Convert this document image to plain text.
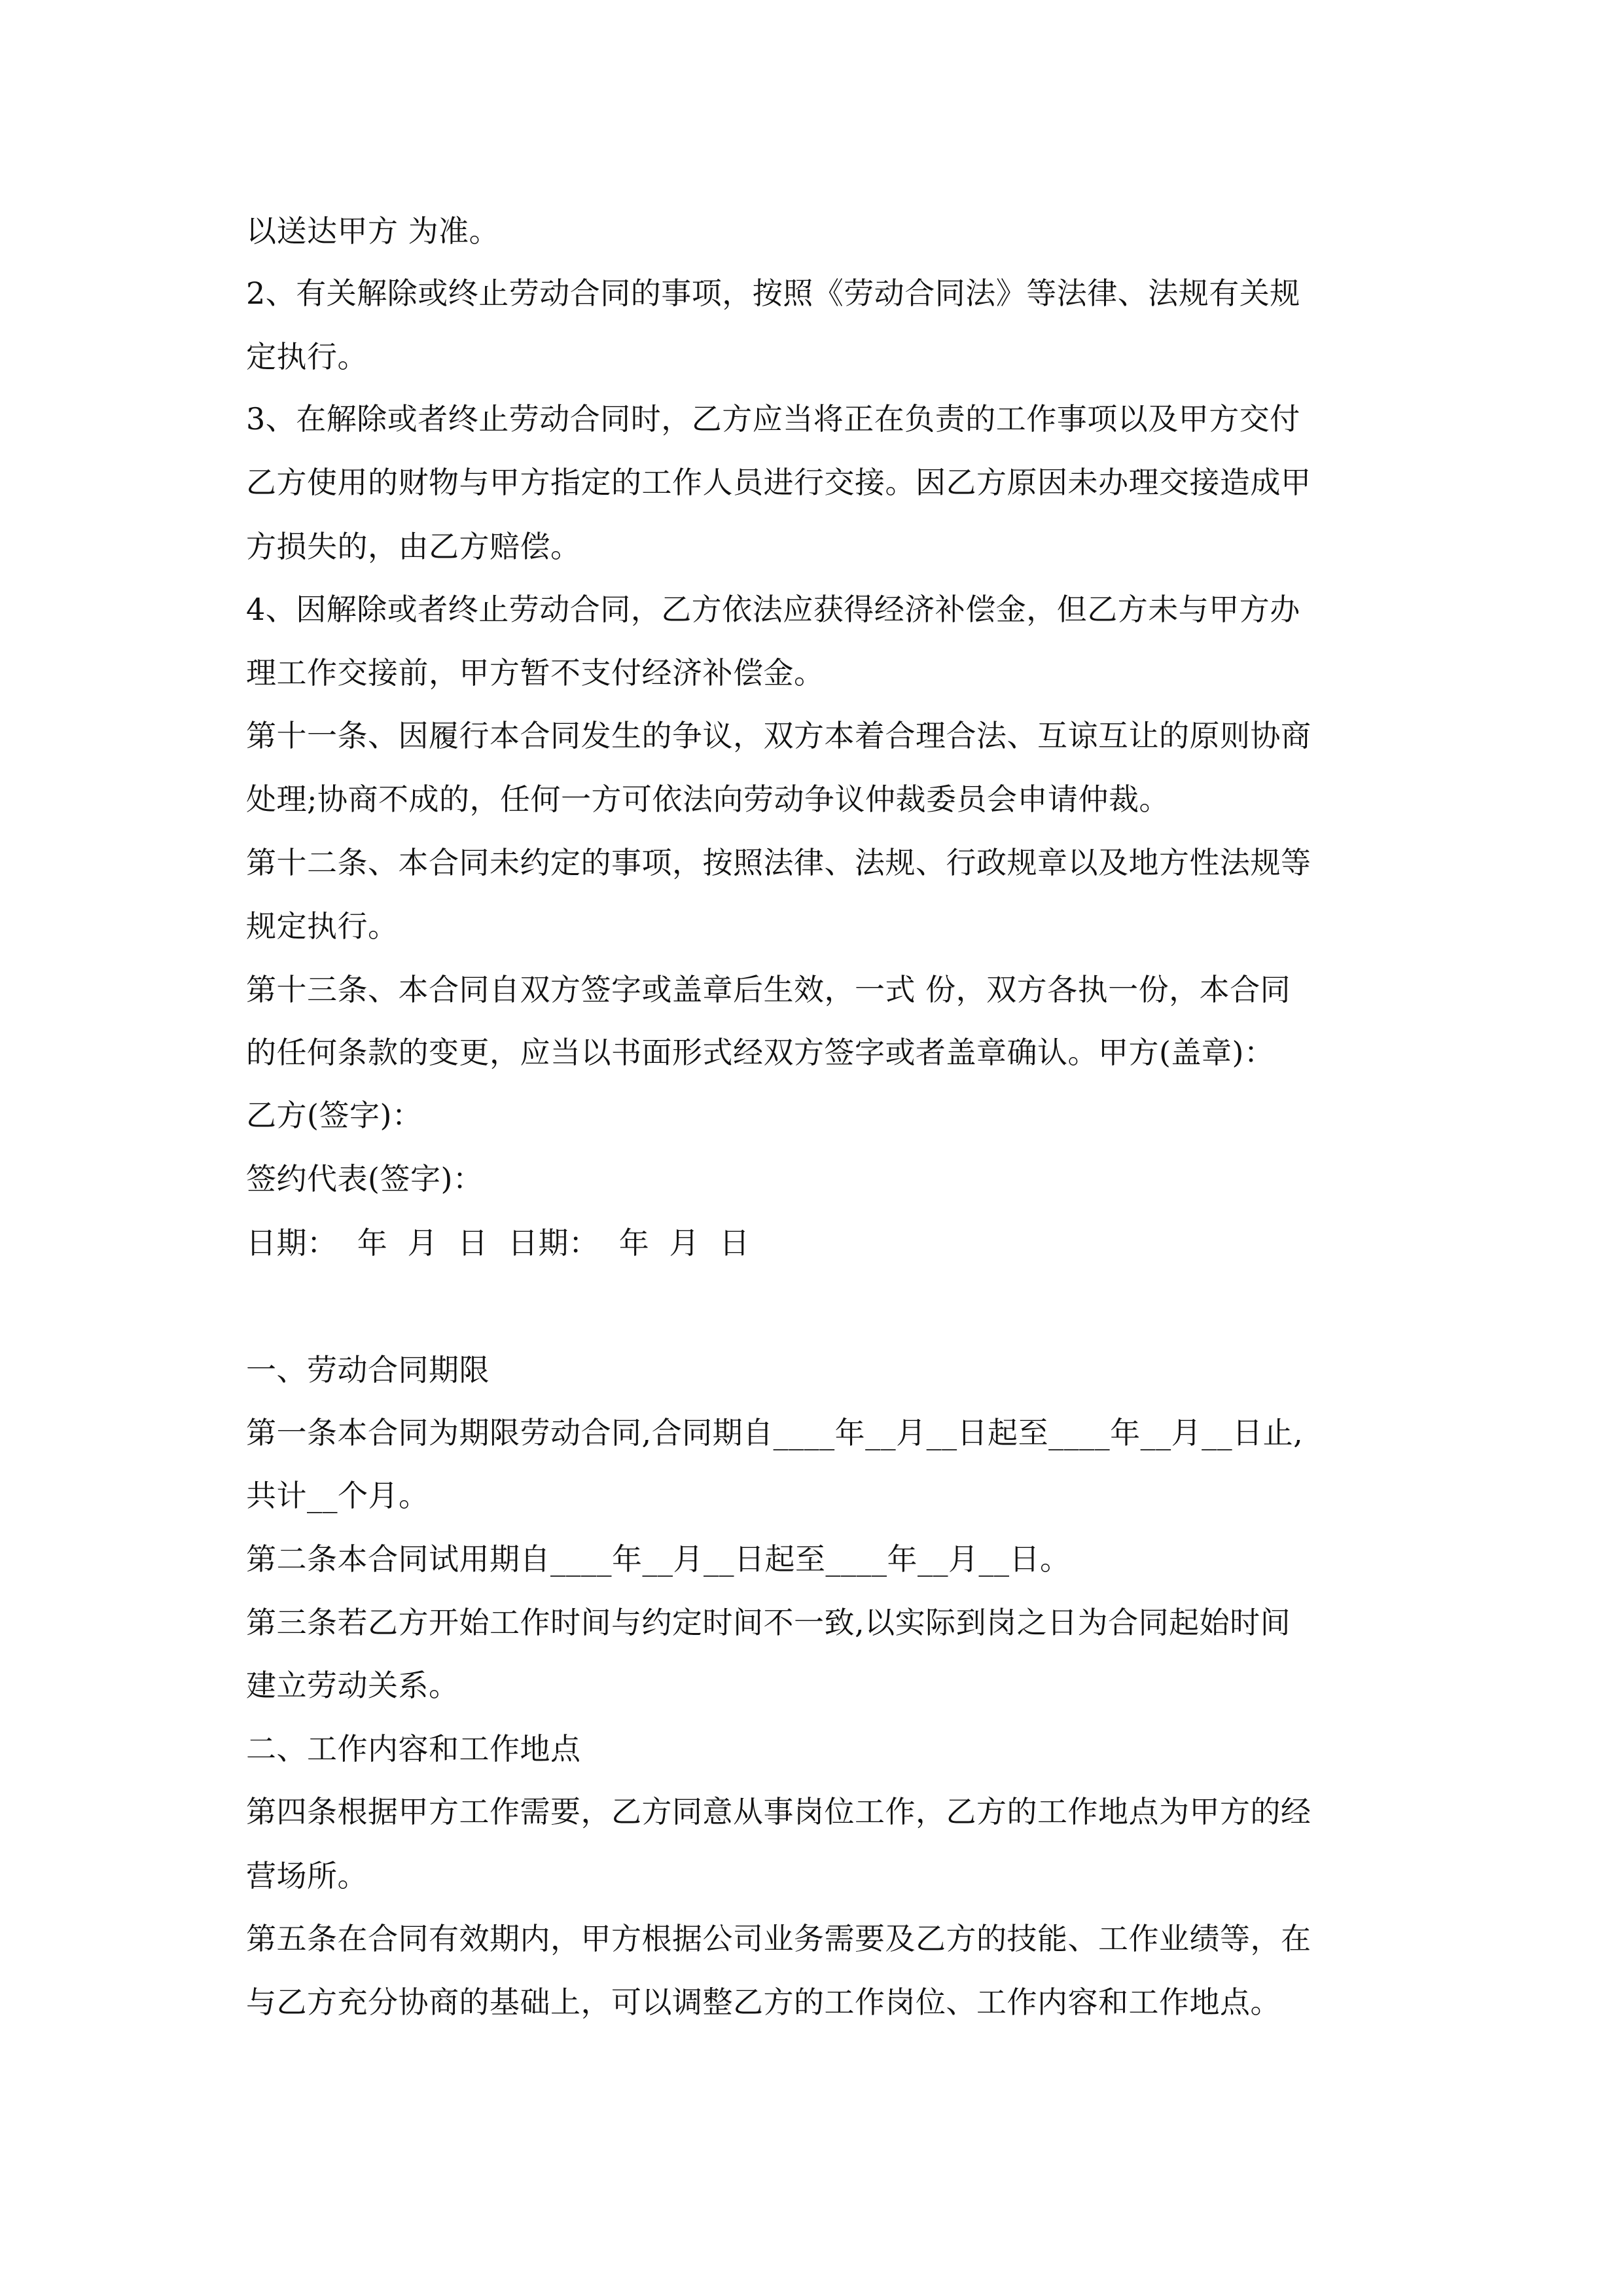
以送达甲方 为准。
2、有关解除或终止劳动合同的事项，按照《劳动合同法》等法律、法规有关规
定执行。
3、在解除或者终止劳动合同时，乙方应当将正在负责的工作事项以及甲方交付
乙方使用的财物与甲方指定的工作人员进行交接。因乙方原因未办理交接造成甲
方损失的，由乙方赔偿。
4、因解除或者终止劳动合同，乙方依法应获得经济补偿金，但乙方未与甲方办
理工作交接前，甲方暂不支付经济补偿金。
第十一条、因履行本合同发生的争议，双方本着合理合法、互谅互让的原则协商
处理;协商不成的，任何一方可依法向劳动争议仲裁委员会申请仲裁。
第十二条、本合同未约定的事项，按照法律、法规、行政规章以及地方性法规等
规定执行。
第十三条、本合同自双方签字或盖章后生效，一式 份，双方各执一份，本合同
的任何条款的变更，应当以书面形式经双方签字或者盖章确认。甲方(盖章)：
乙方(签字)：
签约代表(签字)：
日期：  年  月  日  日期：  年  月  日
一、劳动合同期限
第一条本合同为期限劳动合同,合同期自____年__月__日起至____年__月__日止,
共计__个月。
第二条本合同试用期自____年__月__日起至____年__月__日。
第三条若乙方开始工作时间与约定时间不一致,以实际到岗之日为合同起始时间
建立劳动关系。
二、工作内容和工作地点
第四条根据甲方工作需要，乙方同意从事岗位工作，乙方的工作地点为甲方的经
营场所。
第五条在合同有效期内，甲方根据公司业务需要及乙方的技能、工作业绩等，在
与乙方充分协商的基础上，可以调整乙方的工作岗位、工作内容和工作地点。
